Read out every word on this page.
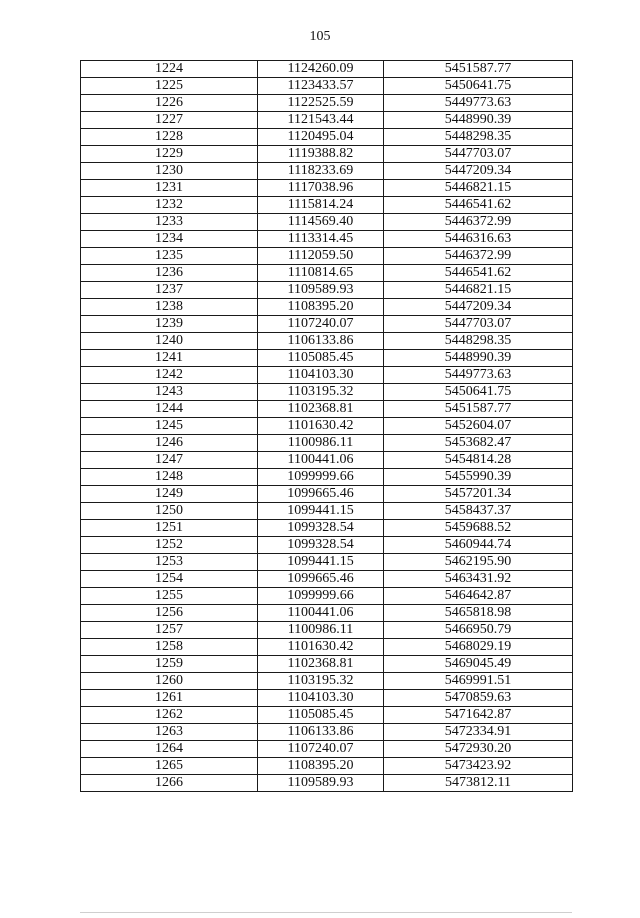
105
1224	1124260.09	5451587.77
1225	1123433.57	5450641.75
1226	1122525.59	5449773.63
1227	1121543.44	5448990.39
1228	1120495.04	5448298.35
1229	1119388.82	5447703.07
1230	1118233.69	5447209.34
1231	1117038.96	5446821.15
1232	1115814.24	5446541.62
1233	1114569.40	5446372.99
1234	1113314.45	5446316.63
1235	1112059.50	5446372.99
1236	1110814.65	5446541.62
1237	1109589.93	5446821.15
1238	1108395.20	5447209.34
1239	1107240.07	5447703.07
1240	1106133.86	5448298.35
1241	1105085.45	5448990.39
1242	1104103.30	5449773.63
1243	1103195.32	5450641.75
1244	1102368.81	5451587.77
1245	1101630.42	5452604.07
1246	1100986.11	5453682.47
1247	1100441.06	5454814.28
1248	1099999.66	5455990.39
1249	1099665.46	5457201.34
1250	1099441.15	5458437.37
1251	1099328.54	5459688.52
1252	1099328.54	5460944.74
1253	1099441.15	5462195.90
1254	1099665.46	5463431.92
1255	1099999.66	5464642.87
1256	1100441.06	5465818.98
1257	1100986.11	5466950.79
1258	1101630.42	5468029.19
1259	1102368.81	5469045.49
1260	1103195.32	5469991.51
1261	1104103.30	5470859.63
1262	1105085.45	5471642.87
1263	1106133.86	5472334.91
1264	1107240.07	5472930.20
1265	1108395.20	5473423.92
1266	1109589.93	5473812.11
